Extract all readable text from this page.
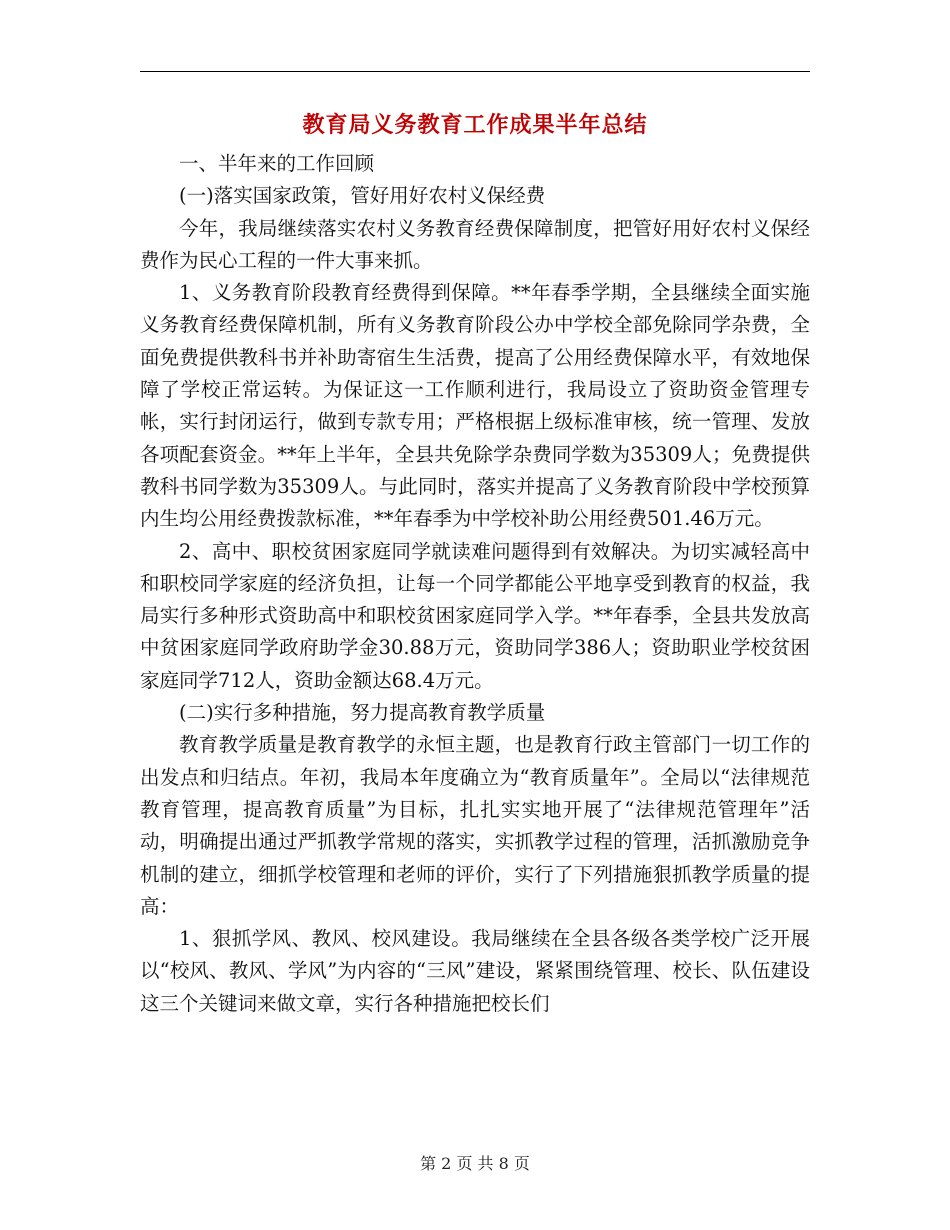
教育局义务教育工作成果半年总结

一、半年来的工作回顾

(一)落实国家政策，管好用好农村义保经费

今年，我局继续落实农村义务教育经费保障制度，把管好用好农村义保经费作为民心工程的一件大事来抓。

1、义务教育阶段教育经费得到保障。**年春季学期，全县继续全面实施义务教育经费保障机制，所有义务教育阶段公办中学校全部免除同学杂费，全面免费提供教科书并补助寄宿生生活费，提高了公用经费保障水平，有效地保障了学校正常运转。为保证这一工作顺利进行，我局设立了资助资金管理专帐，实行封闭运行，做到专款专用；严格根据上级标准审核，统一管理、发放各项配套资金。**年上半年，全县共免除学杂费同学数为35309人；免费提供教科书同学数为35309人。与此同时，落实并提高了义务教育阶段中学校预算内生均公用经费拨款标准，**年春季为中学校补助公用经费501.46万元。

2、高中、职校贫困家庭同学就读难问题得到有效解决。为切实减轻高中和职校同学家庭的经济负担，让每一个同学都能公平地享受到教育的权益，我局实行多种形式资助高中和职校贫困家庭同学入学。**年春季，全县共发放高中贫困家庭同学政府助学金30.88万元，资助同学386人；资助职业学校贫困家庭同学712人，资助金额达68.4万元。

(二)实行多种措施，努力提高教育教学质量

教育教学质量是教育教学的永恒主题，也是教育行政主管部门一切工作的出发点和归结点。年初，我局本年度确立为“教育质量年”。全局以“法律规范教育管理，提高教育质量”为目标，扎扎实实地开展了“法律规范管理年”活动，明确提出通过严抓教学常规的落实，实抓教学过程的管理，活抓激励竞争机制的建立，细抓学校管理和老师的评价，实行了下列措施狠抓教学质量的提高：

1、狠抓学风、教风、校风建设。我局继续在全县各级各类学校广泛开展以“校风、教风、学风”为内容的“三风”建设，紧紧围绕管理、校长、队伍建设这三个关键词来做文章，实行各种措施把校长们

第 2 页 共 8 页
